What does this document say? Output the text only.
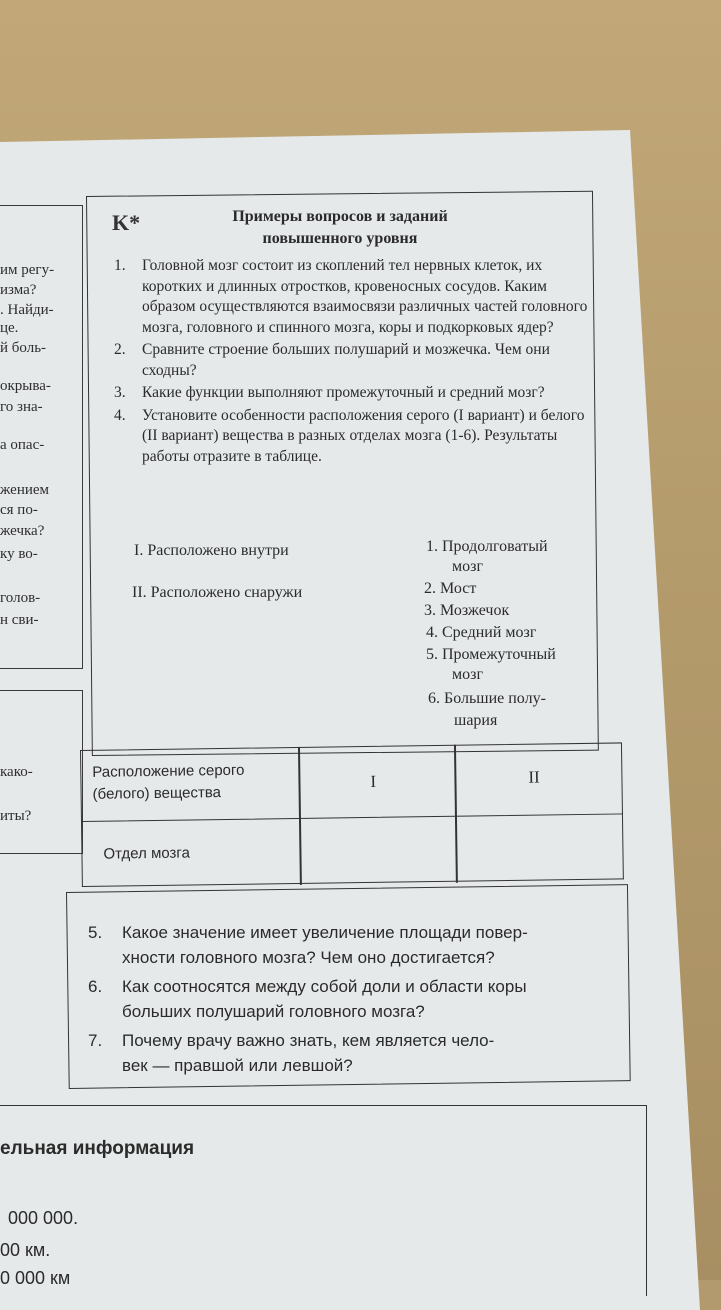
им регу-
изма?
. Найди-
це.
й боль-
окрыва-
го зна-
а опас-
жением
ся по-
жечка?
ку во-
голов-
н сви-
како-
иты?
K*	Примеры вопросов и заданий
повышенного уровня
1. Головной мозг состоит из скоплений тел нервных клеток, их коротких и длинных отростков, кровеносных сосудов. Каким образом осуществляются взаимосвязи различных частей головного мозга, головного и спинного мозга, коры и подкорковых ядер?
2. Сравните строение больших полушарий и мозжечка. Чем они сходны?
3. Какие функции выполняют промежуточный и средний мозг?
4. Установите особенности расположения серого (I вариант) и белого (II вариант) вещества в разных отделах мозга (1-6). Результаты работы отразите в таблице.
I. Расположено внутри
II. Расположено снаружи
1. Продолговатый
мозг
2. Мост
3. Мозжечок
4. Средний мозг
5. Промежуточный
мозг
6. Большие полу-
шария
Расположение серого
(белого) вещества
I	II
Отдел мозга
5. Какое значение имеет увеличение площади повер-
хности головного мозга? Чем оно достигается?
6. Как соотносятся между собой доли и области коры
больших полушарий головного мозга?
7. Почему врачу важно знать, кем является чело-
век — правшой или левшой?
ельная информация
000 000.
00 км.
0 000 км
